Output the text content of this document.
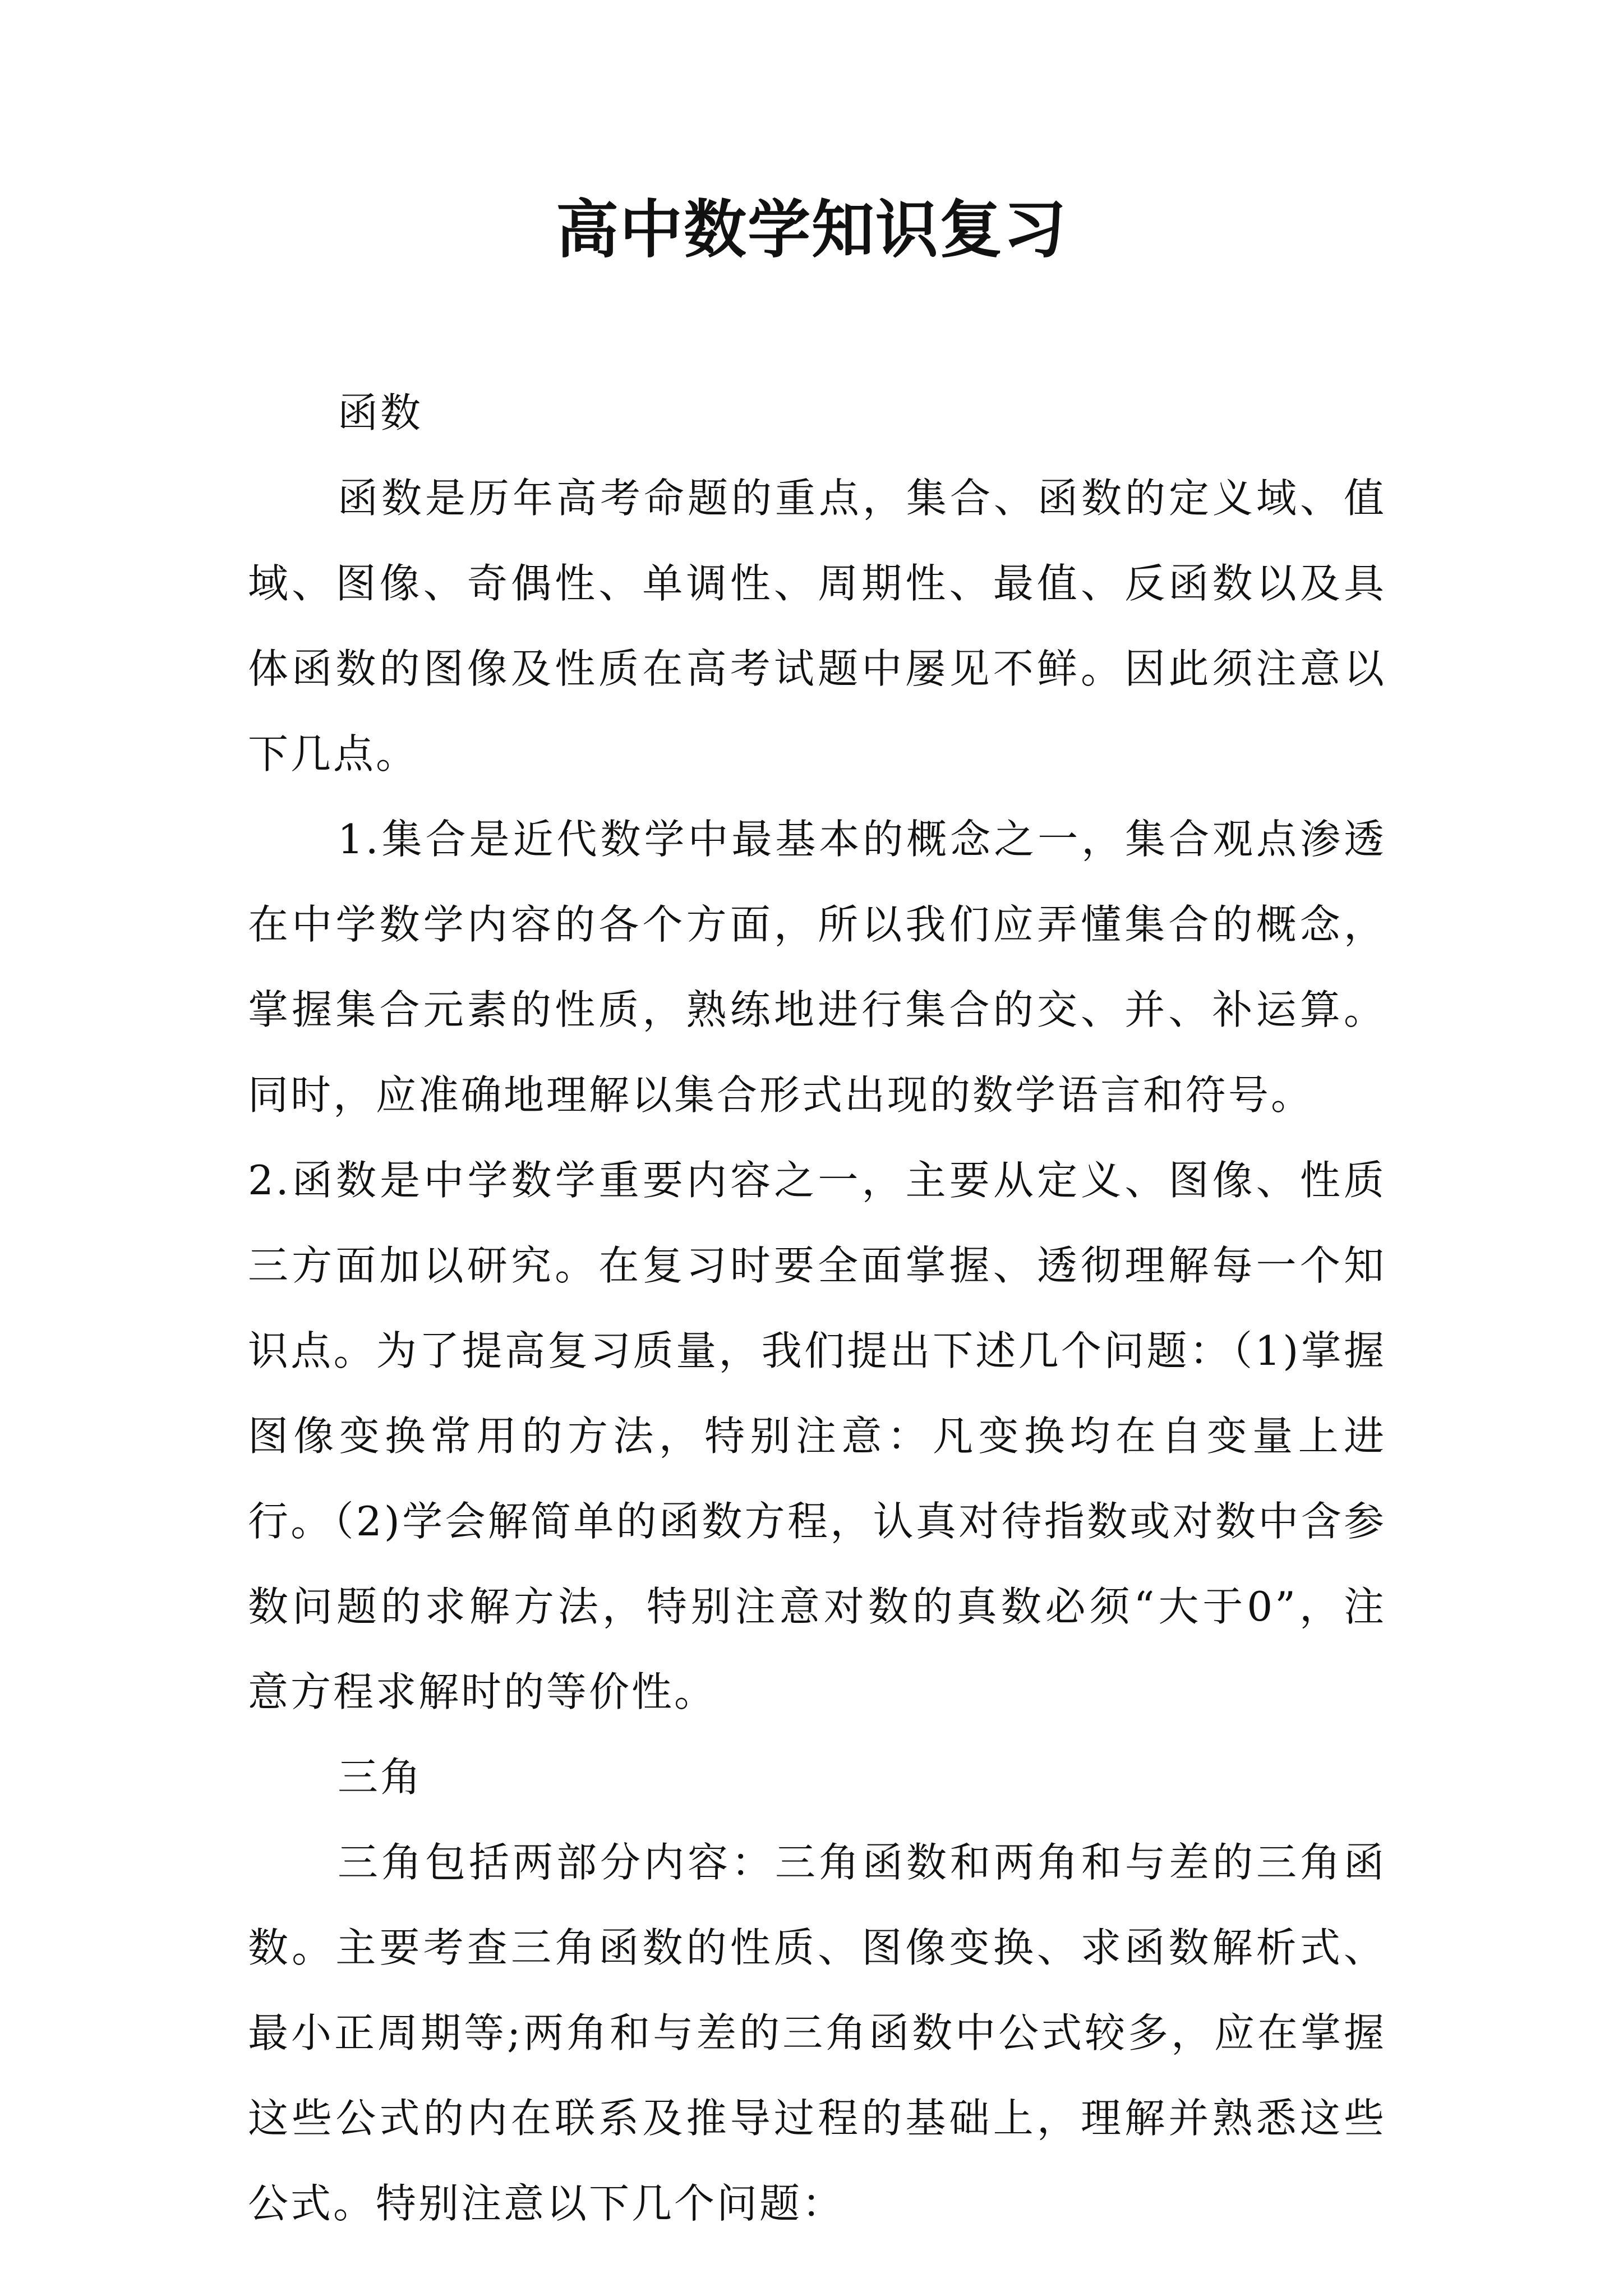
高中数学知识复习

函数

函数是历年高考命题的重点，集合、函数的定义域、值域、图像、奇偶性、单调性、周期性、最值、反函数以及具体函数的图像及性质在高考试题中屡见不鲜。因此须注意以下几点。

1.集合是近代数学中最基本的概念之一，集合观点渗透在中学数学内容的各个方面，所以我们应弄懂集合的概念，掌握集合元素的性质，熟练地进行集合的交、并、补运算。同时，应准确地理解以集合形式出现的数学语言和符号。

2.函数是中学数学重要内容之一，主要从定义、图像、性质三方面加以研究。在复习时要全面掌握、透彻理解每一个知识点。为了提高复习质量，我们提出下述几个问题：（1)掌握图像变换常用的方法，特别注意：凡变换均在自变量上进行。（2)学会解简单的函数方程，认真对待指数或对数中含参数问题的求解方法，特别注意对数的真数必须“大于0”，注意方程求解时的等价性。

三角

三角包括两部分内容：三角函数和两角和与差的三角函数。主要考查三角函数的性质、图像变换、求函数解析式、最小正周期等;两角和与差的三角函数中公式较多，应在掌握这些公式的内在联系及推导过程的基础上，理解并熟悉这些公式。特别注意以下几个问题：
